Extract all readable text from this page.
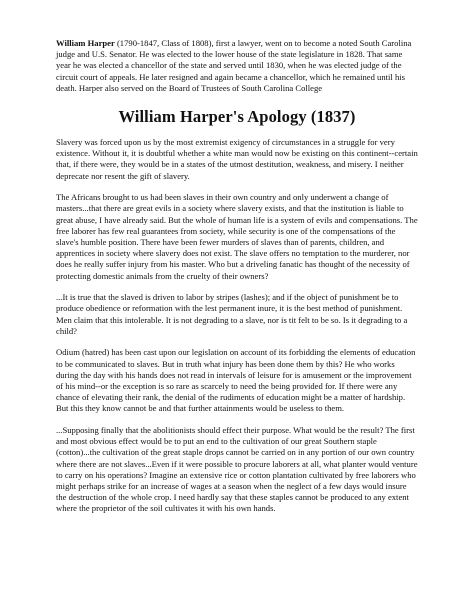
William Harper (1790-1847, Class of 1808), first a lawyer, went on to become a noted South Carolina judge and U.S. Senator. He was elected to the lower house of the state legislature in 1828. That same year he was elected a chancellor of the state and served until 1830, when he was elected judge of the circuit court of appeals. He later resigned and again became a chancellor, which he remained until his death. Harper also served on the Board of Trustees of South Carolina College

William Harper's Apology (1837)

Slavery was forced upon us by the most extremist exigency of circumstances in a struggle for very existence. Without it, it is doubtful whether a white man would now be existing on this continent--certain that, if there were, they would be in a states of the utmost destitution, weakness, and misery. I neither deprecate nor resent the gift of slavery.

The Africans brought to us had been slaves in their own country and only underwent a change of masters...that there are great evils in a society where slavery exists, and that the institution is liable to great abuse, I have already said. But the whole of human life is a system of evils and compensations. The free laborer has few real guarantees from society, while security is one of the compensations of the slave's humble position. There have been fewer murders of slaves than of parents, children, and apprentices in society where slavery does not exist. The slave offers no temptation to the murderer, nor does he really suffer injury from his master. Who but a driveling fanatic has thought of the necessity of protecting domestic animals from the cruelty of their owners?

...It is true that the slaved is driven to labor by stripes (lashes); and if the object of punishment be to produce obedience or reformation with the lest permanent inure, it is the best method of punishment. Men claim that this intolerable. It is not degrading to a slave, nor is tit felt to be so. Is it degrading to a child?

Odium (hatred) has been cast upon our legislation on account of its forbidding the elements of education to be communicated to slaves. But in truth what injury has been done them by this? He who works during the day with his hands does not read in intervals of leisure for is amusement or the improvement of his mind--or the exception is so rare as scarcely to need the being provided for. If there were any chance of elevating their rank, the denial of the rudiments of education might be a matter of hardship. But this they know cannot be and that further attainments would be useless to them.

...Supposing finally that the abolitionists should effect their purpose. What would be the result? The first and most obvious effect would be to put an end to the cultivation of our great Southern staple (cotton)...the cultivation of the great staple drops cannot be carried on in any portion of our own country where there are not slaves...Even if it were possible to procure laborers at all, what planter would venture to carry on his operations? Imagine an extensive rice or cotton plantation cultivated by free laborers who might perhaps strike for an increase of wages at a season when the neglect of a few days would insure the destruction of the whole crop. I need hardly say that these staples cannot be produced to any extent where the proprietor of the soil cultivates it with his own hands.
